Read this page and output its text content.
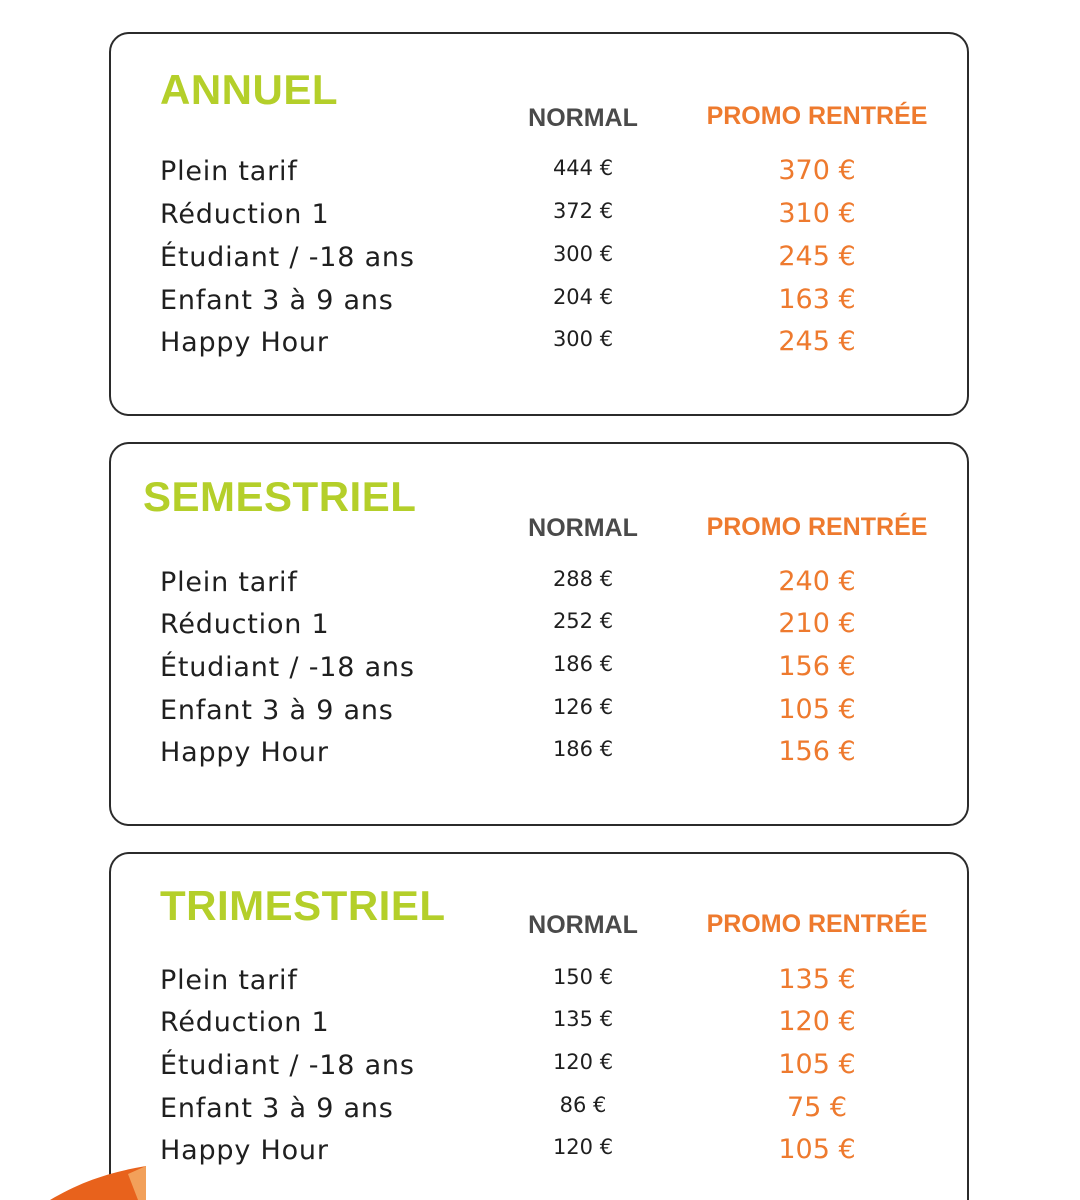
ANNUEL
NORMAL	PROMO RENTRÉE
Plein tarif	444 €	370 €
Réduction 1	372 €	310 €
Étudiant / -18 ans	300 €	245 €
Enfant 3 à 9 ans	204 €	163 €
Happy Hour	300 €	245 €
SEMESTRIEL
NORMAL	PROMO RENTRÉE
Plein tarif	288 €	240 €
Réduction 1	252 €	210 €
Étudiant / -18 ans	186 €	156 €
Enfant 3 à 9 ans	126 €	105 €
Happy Hour	186 €	156 €
TRIMESTRIEL	NORMAL	PROMO RENTRÉE
Plein tarif	150 €	135 €
Réduction 1	135 €	120 €
Étudiant / -18 ans	120 €	105 €
Enfant 3 à 9 ans	86 €	75 €
Happy Hour	120 €	105 €
